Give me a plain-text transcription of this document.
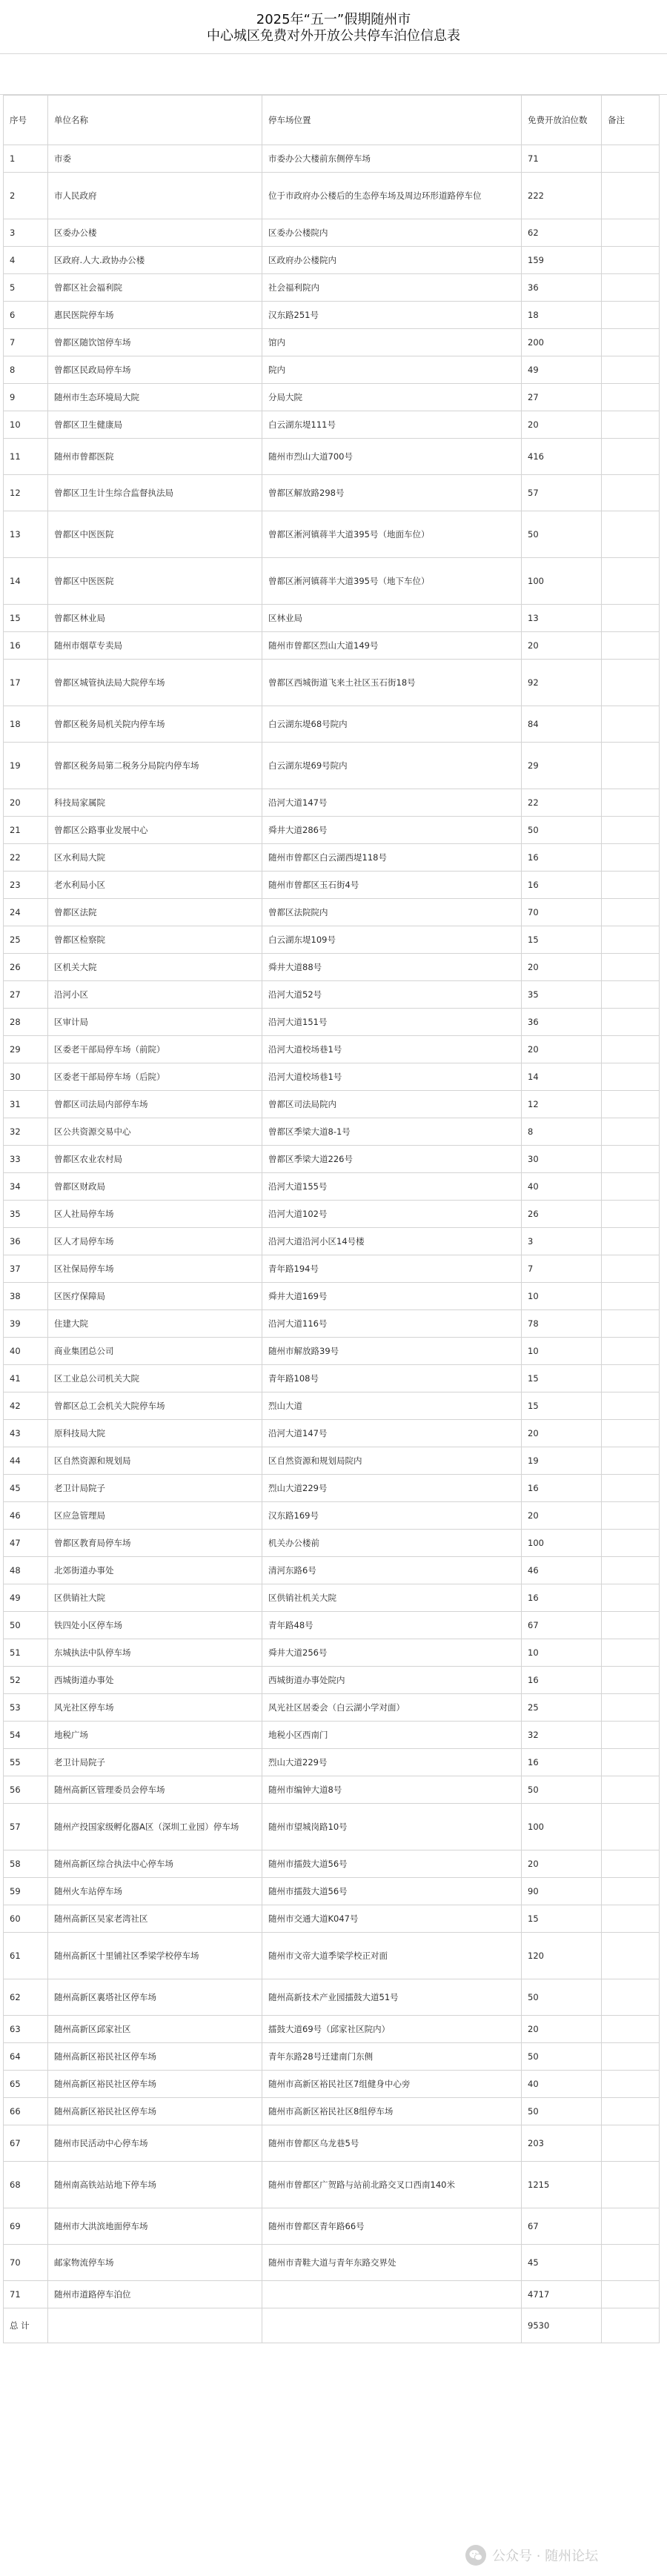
2025年“五一”假期随州市
中心城区免费对外开放公共停车泊位信息表
序号	单位名称	停车场位置	免费开放泊位数	备注
1	市委	市委办公大楼前东侧停车场	71	
2	市人民政府	位于市政府办公楼后的生态停车场及周边环形道路停车位	222	
3	区委办公楼	区委办公楼院内	62	
4	区政府.人大.政协办公楼	区政府办公楼院内	159	
5	曾都区社会福利院	社会福利院内	36	
6	惠民医院停车场	汉东路251号	18	
7	曾都区随饮馆停车场	馆内	200	
8	曾都区民政局停车场	院内	49	
9	随州市生态环境局大院	分局大院	27	
10	曾都区卫生健康局	白云湖东堤111号	20	
11	随州市曾都医院	随州市烈山大道700号	416	
12	曾都区卫生计生综合监督执法局	曾都区解放路298号	57	
13	曾都区中医医院	曾都区淅河镇蒋半大道395号（地面车位）	50	
14	曾都区中医医院	曾都区淅河镇蒋半大道395号（地下车位）	100	
15	曾都区林业局	区林业局	13	
16	随州市烟草专卖局	随州市曾都区烈山大道149号	20	
17	曾都区城管执法局大院停车场	曾都区西城街道飞来土社区玉石街18号	92	
18	曾都区税务局机关院内停车场	白云湖东堤68号院内	84	
19	曾都区税务局第二税务分局院内停车场	白云湖东堤69号院内	29	
20	科技局家属院	沿河大道147号	22	
21	曾都区公路事业发展中心	舜井大道286号	50	
22	区水利局大院	随州市曾都区白云湖西堤118号	16	
23	老水利局小区	随州市曾都区玉石街4号	16	
24	曾都区法院	曾都区法院院内	70	
25	曾都区检察院	白云湖东堤109号	15	
26	区机关大院	舜井大道88号	20	
27	沿河小区	沿河大道52号	35	
28	区审计局	沿河大道151号	36	
29	区委老干部局停车场（前院）	沿河大道校场巷1号	20	
30	区委老干部局停车场（后院）	沿河大道校场巷1号	14	
31	曾都区司法局内部停车场	曾都区司法局院内	12	
32	区公共资源交易中心	曾都区季梁大道8-1号	8	
33	曾都区农业农村局	曾都区季梁大道226号	30	
34	曾都区财政局	沿河大道155号	40	
35	区人社局停车场	沿河大道102号	26	
36	区人才局停车场	沿河大道沿河小区14号楼	3	
37	区社保局停车场	青年路194号	7	
38	区医疗保障局	舜井大道169号	10	
39	住建大院	沿河大道116号	78	
40	商业集团总公司	随州市解放路39号	10	
41	区工业总公司机关大院	青年路108号	15	
42	曾都区总工会机关大院停车场	烈山大道	15	
43	原科技局大院	沿河大道147号	20	
44	区自然资源和规划局	区自然资源和规划局院内	19	
45	老卫计局院子	烈山大道229号	16	
46	区应急管理局	汉东路169号	20	
47	曾都区教育局停车场	机关办公楼前	100	
48	北郊街道办事处	清河东路6号	46	
49	区供销社大院	区供销社机关大院	16	
50	铁四处小区停车场	青年路48号	67	
51	东城执法中队停车场	舜井大道256号	10	
52	西城街道办事处	西城街道办事处院内	16	
53	风光社区停车场	风光社区居委会（白云湖小学对面）	25	
54	地税广场	地税小区西南门	32	
55	老卫计局院子	烈山大道229号	16	
56	随州高新区管理委员会停车场	随州市编钟大道8号	50	
57	随州产投国家级孵化器A区（深圳工业园）停车场	随州市望城岗路10号	100	
58	随州高新区综合执法中心停车场	随州市擂鼓大道56号	20	
59	随州火车站停车场	随州市擂鼓大道56号	90	
60	随州高新区吴家老湾社区	随州市交通大道K047号	15	
61	随州高新区十里铺社区季梁学校停车场	随州市文帝大道季梁学校正对面	120	
62	随州高新区裏塔社区停车场	随州高新技术产业园擂鼓大道51号	50	
63	随州高新区邱家社区	擂鼓大道69号（邱家社区院内）	20	
64	随州高新区裕民社区停车场	青年东路28号迁建南门东侧	50	
65	随州高新区裕民社区停车场	随州市高新区裕民社区7组健身中心旁	40	
66	随州高新区裕民社区停车场	随州市高新区裕民社区8组停车场	50	
67	随州市民活动中心停车场	随州市曾都区乌龙巷5号	203	
68	随州南高铁站站地下停车场	随州市曾都区广贺路与站前北路交叉口西南140米	1215	
69	随州市大洪滨地面停车场	随州市曾都区青年路66号	67	
70	邮家物流停车场	随州市青鞋大道与青年东路交界处	45	
71	随州市道路停车泊位		4717	
总 计			9530	
公众号 · 随州论坛
